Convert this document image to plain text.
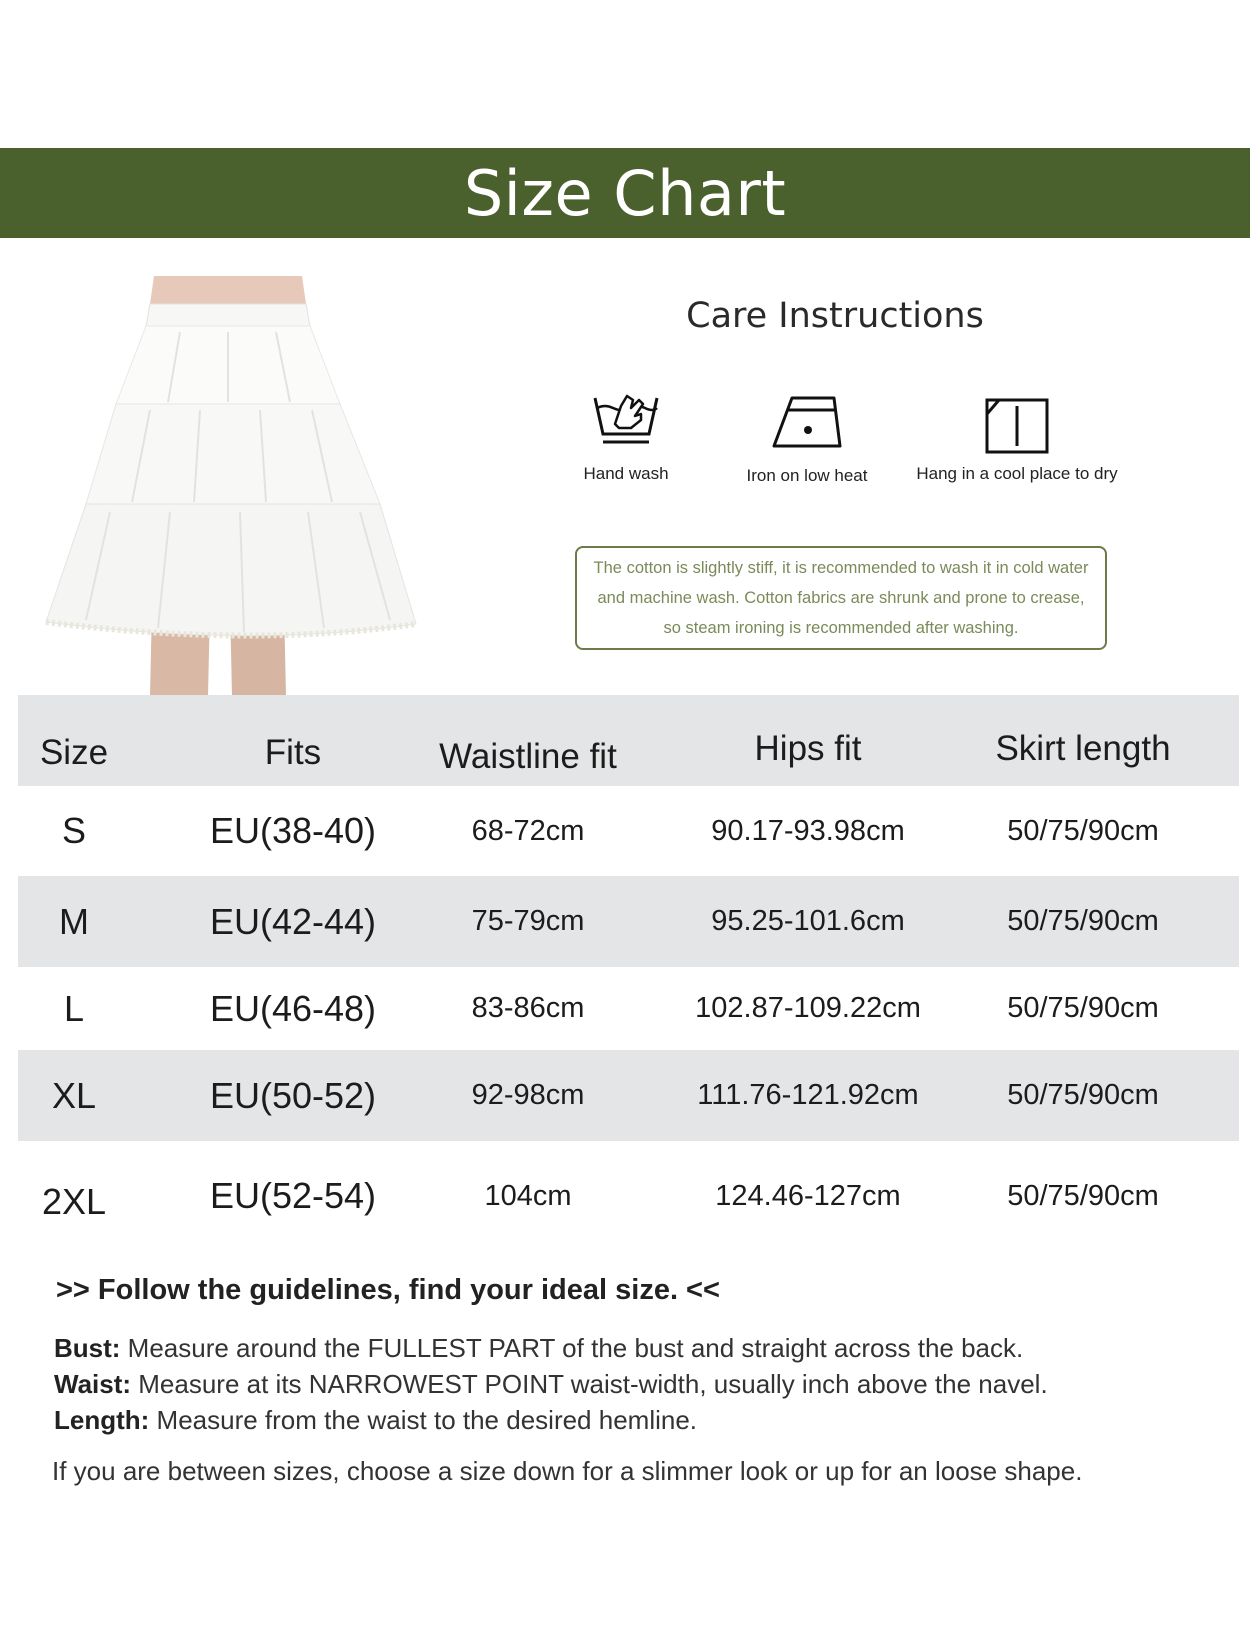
Size Chart
Care Instructions
Hand wash	Iron on low heat	Hang in a cool place to dry
The cotton is slightly stiff, it is recommended to wash it in cold water and machine wash. Cotton fabrics are shrunk and prone to crease, so steam ironing is recommended after washing.
Size	Fits	Waistline fit	Hips fit	Skirt length
S	EU(38-40)	68-72cm	90.17-93.98cm	50/75/90cm
M	EU(42-44)	75-79cm	95.25-101.6cm	50/75/90cm
L	EU(46-48)	83-86cm	102.87-109.22cm	50/75/90cm
XL	EU(50-52)	92-98cm	111.76-121.92cm	50/75/90cm
2XL	EU(52-54)	104cm	124.46-127cm	50/75/90cm
>> Follow the guidelines, find your ideal size. <<
Bust: Measure around the FULLEST PART of the bust and straight across the back.
Waist: Measure at its NARROWEST POINT waist-width, usually inch above the navel.
Length: Measure from the waist to the desired hemline.

If you are between sizes, choose a size down for a slimmer look or up for an loose shape.
